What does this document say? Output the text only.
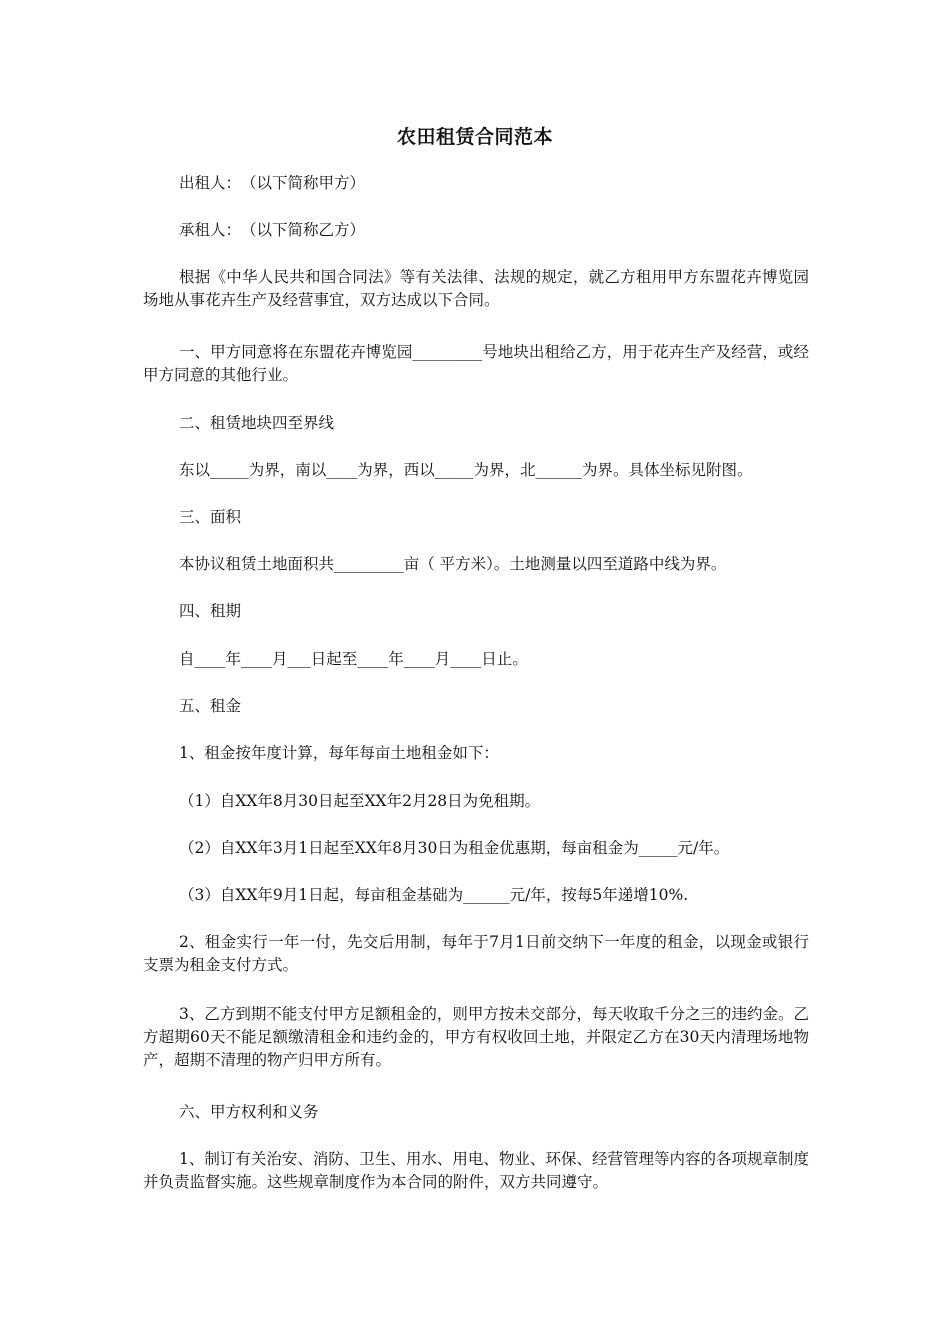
农田租赁合同范本

出租人：　（以下简称甲方）

承租人：　（以下简称乙方）

根据《中华人民共和国合同法》等有关法律、法规的规定，就乙方租用甲方东盟花卉博览园场地从事花卉生产及经营事宜，双方达成以下合同。

一、甲方同意将在东盟花卉博览园_________号地块出租给乙方，用于花卉生产及经营，或经甲方同意的其他行业。

二、租赁地块四至界线

东以_____为界，南以____为界，西以_____为界，北______为界。具体坐标见附图。

三、面积

本协议租赁土地面积共_________亩（ 平方米）。土地测量以四至道路中线为界。

四、租期

自____年____月___日起至____年____月____日止。

五、租金

1、租金按年度计算，每年每亩土地租金如下：

（1）自XX年8月30日起至XX年2月28日为免租期。

（2）自XX年3月1日起至XX年8月30日为租金优惠期，每亩租金为_____元/年。

（3）自XX年9月1日起，每亩租金基础为______元/年，按每5年递增10%.

2、租金实行一年一付，先交后用制，每年于7月1日前交纳下一年度的租金，以现金或银行支票为租金支付方式。

3、乙方到期不能支付甲方足额租金的，则甲方按未交部分，每天收取千分之三的违约金。乙方超期60天不能足额缴清租金和违约金的，甲方有权收回土地，并限定乙方在30天内清理场地物产，超期不清理的物产归甲方所有。

六、甲方权利和义务

1、制订有关治安、消防、卫生、用水、用电、物业、环保、经营管理等内容的各项规章制度并负责监督实施。这些规章制度作为本合同的附件，双方共同遵守。
